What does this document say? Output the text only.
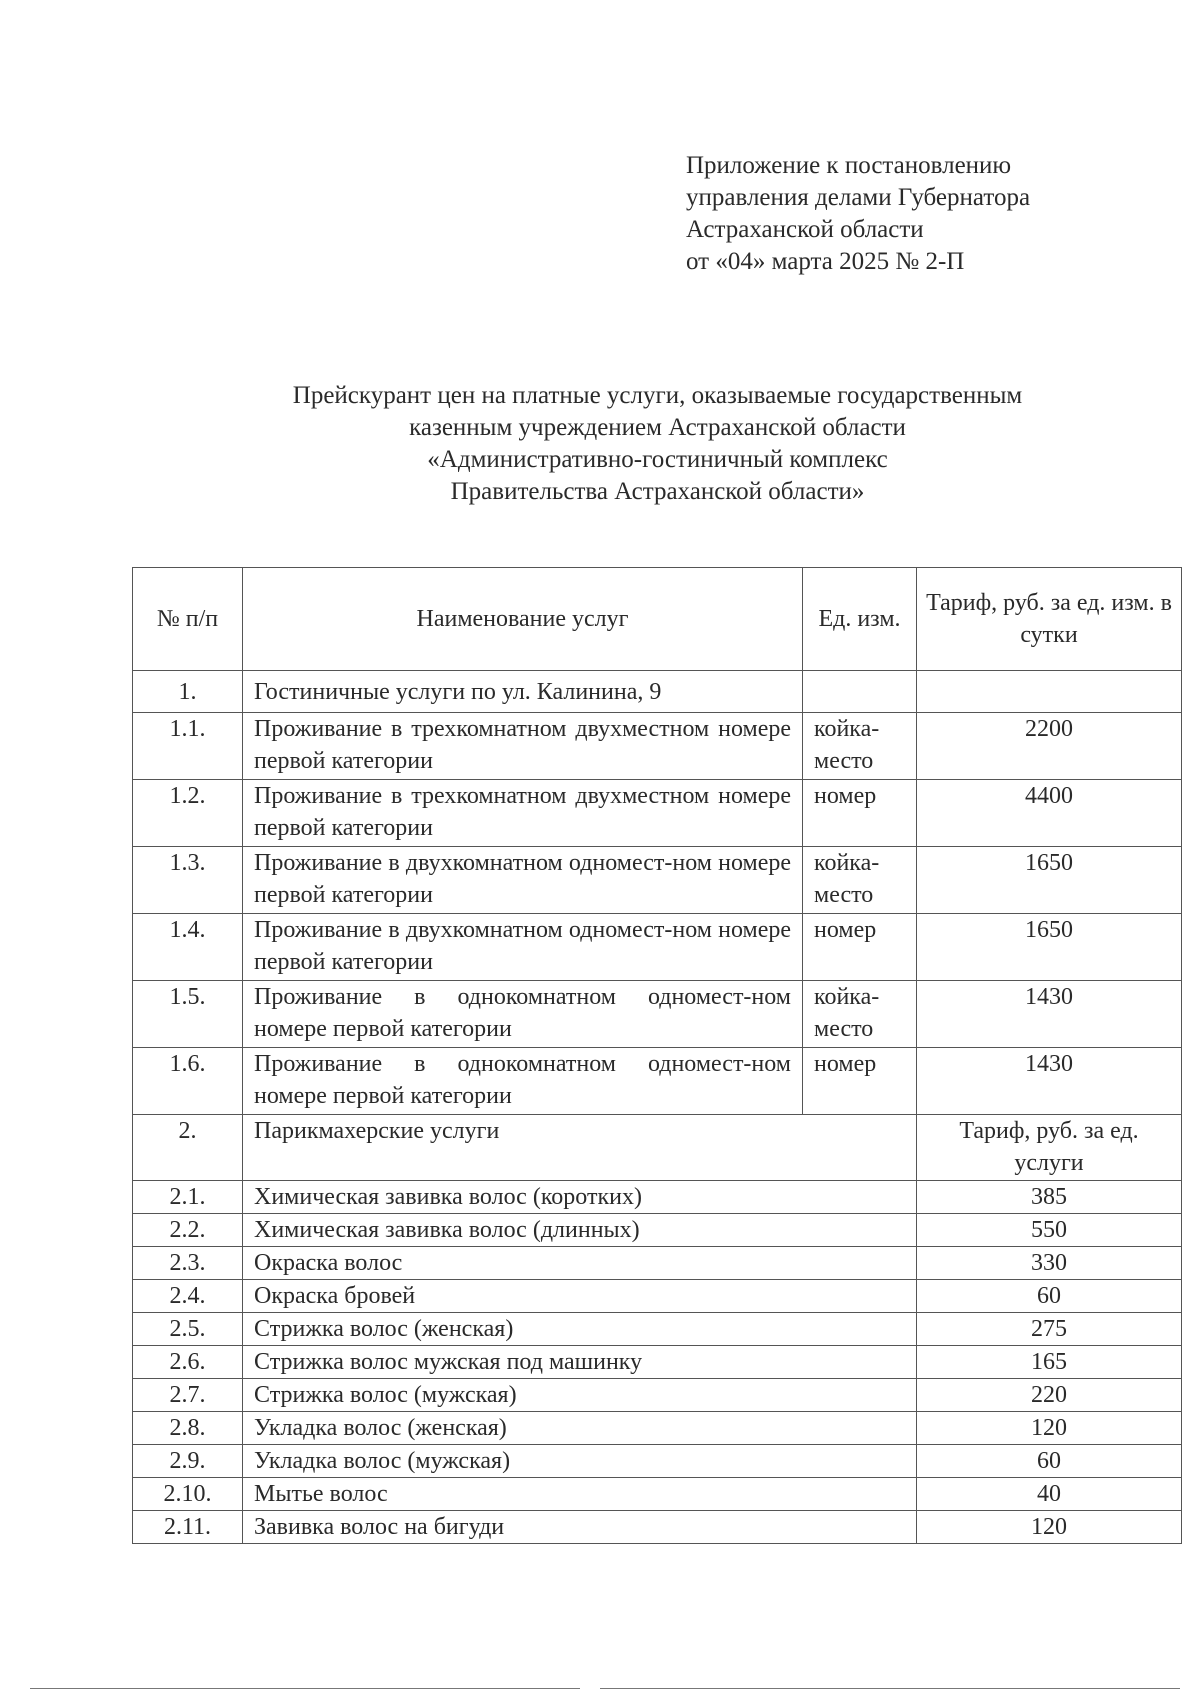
Приложение к постановлению
управления делами Губернатора
Астраханской области
от «04» марта 2025 № 2-П
Прейскурант цен на платные услуги, оказываемые государственным
казенным учреждением Астраханской области
«Административно-гостиничный комплекс
Правительства Астраханской области»
№ п/п	Наименование услуг	Ед. изм.	Тариф, руб. за ед. изм. в сутки
1.	Гостиничные услуги по ул. Калинина, 9		
1.1.	Проживание в трехкомнатном двухместном номере первой категории	койка-место	2200
1.2.	Проживание в трехкомнатном двухместном номере первой категории	номер	4400
1.3.	Проживание в двухкомнатном одномест-ном номере первой категории	койка-место	1650
1.4.	Проживание в двухкомнатном одномест-ном номере первой категории	номер	1650
1.5.	Проживание в однокомнатном одномест-ном номере первой категории	койка-место	1430
1.6.	Проживание в однокомнатном одномест-ном номере первой категории	номер	1430
2.	Парикмахерские услуги		Тариф, руб. за ед. услуги
2.1.	Химическая завивка волос (коротких)		385
2.2.	Химическая завивка волос (длинных)		550
2.3.	Окраска волос		330
2.4.	Окраска бровей		60
2.5.	Стрижка волос (женская)		275
2.6.	Стрижка волос мужская под машинку		165
2.7.	Стрижка волос (мужская)		220
2.8.	Укладка волос (женская)		120
2.9.	Укладка волос (мужская)		60
2.10.	Мытье волос		40
2.11.	Завивка волос на бигуди		120
